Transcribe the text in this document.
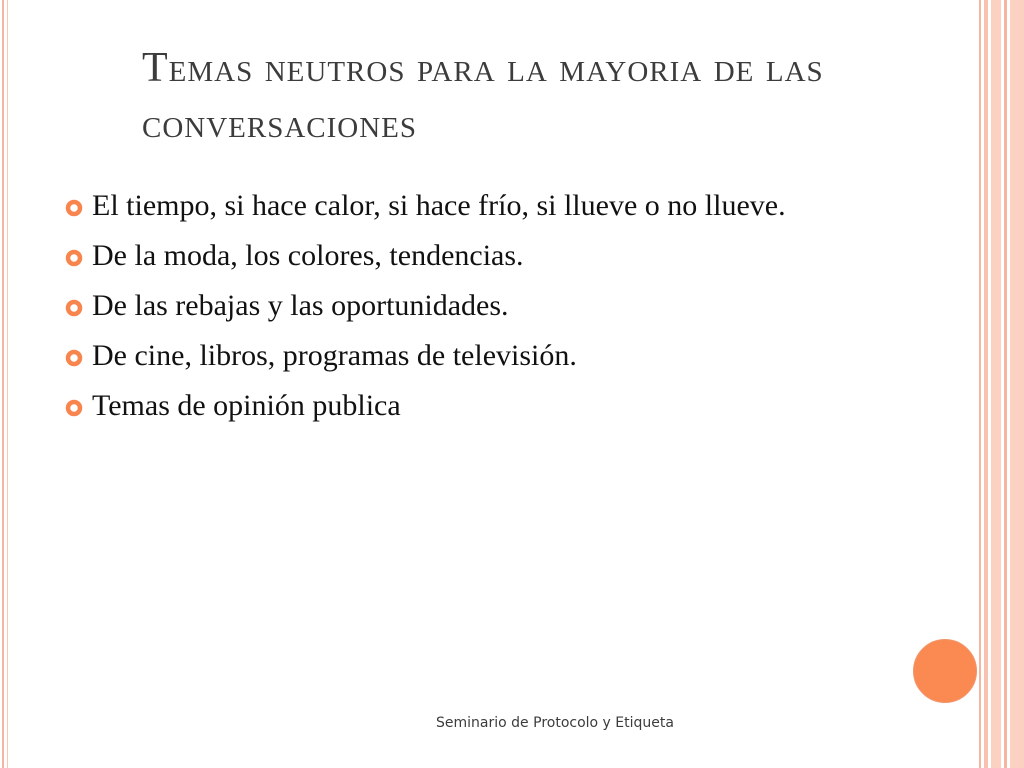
Temas neutros para la mayoria de las conversaciones
El tiempo, si hace calor, si hace frío, si llueve o no llueve.
De la moda, los colores, tendencias.
De las rebajas y las oportunidades.
De cine, libros, programas de televisión.
Temas de opinión publica
Seminario de Protocolo y Etiqueta
